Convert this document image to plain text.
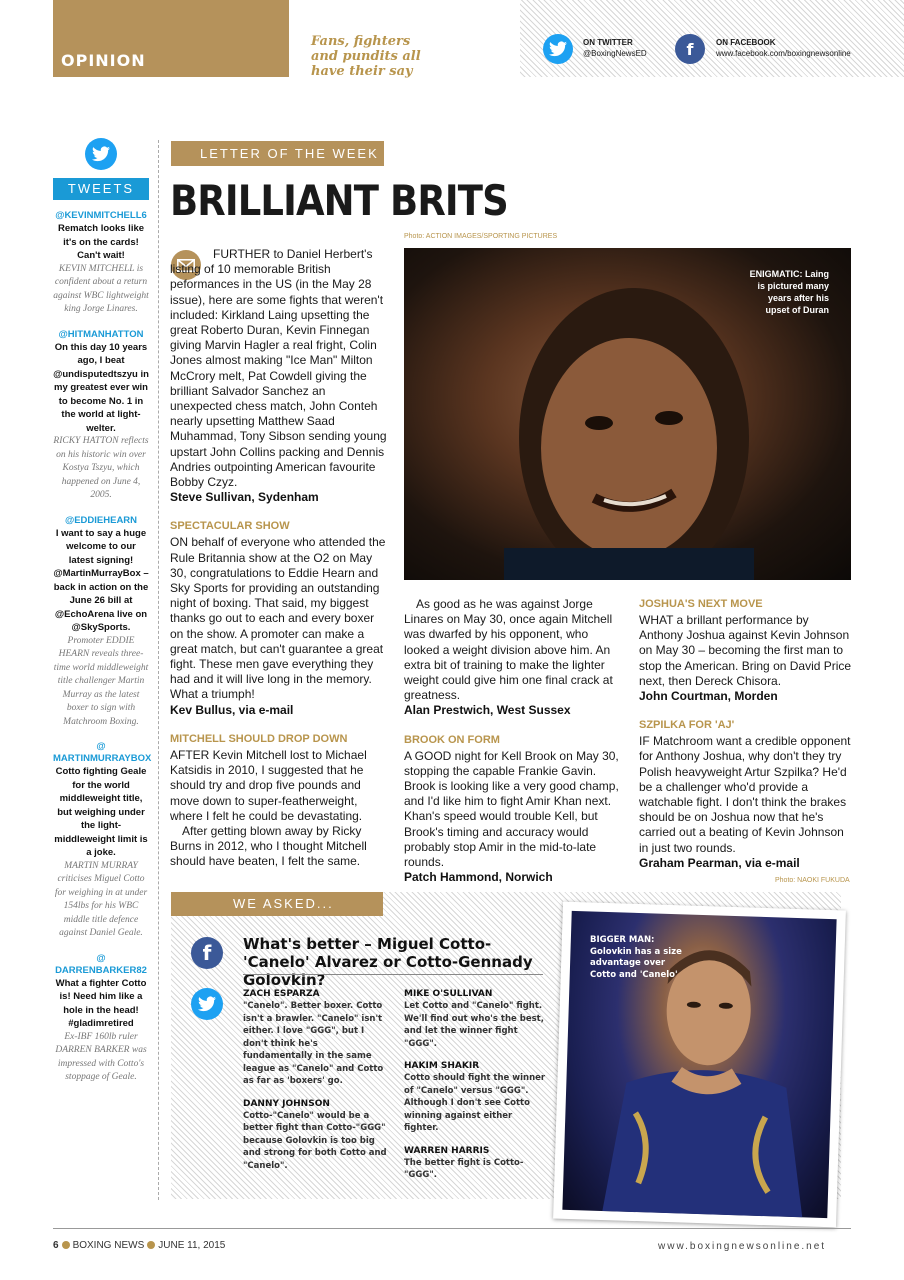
OPINION
Fans, fighters and pundits all have their say
ON TWITTER
@BoxingNewsED	f	ON FACEBOOK
www.facebook.com/boxingnewsonline
TWEETS
@KEVINMITCHELL6
Rematch looks like it's on the cards! Can't wait!
KEVIN MITCHELL is confident about a return against WBC lightweight king Jorge Linares.
@HITMANHATTON
On this day 10 years ago, I beat @undisputedtszyu in my greatest ever win to become No. 1 in the world at light-welter.
RICKY HATTON reflects on his historic win over Kostya Tszyu, which happened on June 4, 2005.
@EDDIEHEARN
I want to say a huge welcome to our latest signing! @MartinMurrayBox – back in action on the June 26 bill at @EchoArena live on @SkySports.
Promoter EDDIE HEARN reveals three-time world middleweight title challenger Martin Murray as the latest boxer to sign with Matchroom Boxing.
@ MARTINMURRAYBOX
Cotto fighting Geale for the world middleweight title, but weighing under the light-middleweight limit is a joke.
MARTIN MURRAY criticises Miguel Cotto for weighing in at under 154lbs for his WBC middle title defence against Daniel Geale.
@ DARRENBARKER82
What a fighter Cotto is! Need him like a hole in the head! #gladimretired
Ex-IBF 160lb ruler DARREN BARKER was impressed with Cotto's stoppage of Geale.
LETTER OF THE WEEK
BRILLIANT BRITS
FURTHER to Daniel Herbert's listing of 10 memorable British peformances in the US (in the May 28 issue), here are some fights that weren't included: Kirkland Laing upsetting the great Roberto Duran, Kevin Finnegan giving Marvin Hagler a real fright, Colin Jones almost making "Ice Man" Milton McCrory melt, Pat Cowdell giving the brilliant Salvador Sanchez an unexpected chess match, John Conteh nearly upsetting Matthew Saad Muhammad, Tony Sibson sending young upstart John Collins packing and Dennis Andries outpointing American favourite Bobby Czyz.
Steve Sullivan, Sydenham
SPECTACULAR SHOW
ON behalf of everyone who attended the Rule Britannia show at the O2 on May 30, congratulations to Eddie Hearn and Sky Sports for providing an outstanding night of boxing. That said, my biggest thanks go out to each and every boxer on the show. A promoter can make a great match, but can't guarantee a great fight. These men gave everything they had and it will live long in the memory. What a triumph!
Kev Bullus, via e-mail
MITCHELL SHOULD DROP DOWN
AFTER Kevin Mitchell lost to Michael Katsidis in 2010, I suggested that he should try and drop five pounds and move down to super-featherweight, where I felt he could be devastating.
After getting blown away by Ricky Burns in 2012, who I thought Mitchell should have beaten, I felt the same.
Photo: ACTION IMAGES/SPORTING PICTURES
ENIGMATIC: Laing is pictured many years after his upset of Duran
As good as he was against Jorge Linares on May 30, once again Mitchell was dwarfed by his opponent, who looked a weight division above him. An extra bit of training to make the lighter weight could give him one final crack at greatness.
Alan Prestwich, West Sussex
BROOK ON FORM
A GOOD night for Kell Brook on May 30, stopping the capable Frankie Gavin. Brook is looking like a very good champ, and I'd like him to fight Amir Khan next. Khan's speed would trouble Kell, but Brook's timing and accuracy would probably stop Amir in the mid-to-late rounds.
Patch Hammond, Norwich
JOSHUA'S NEXT MOVE
WHAT a brillant performance by Anthony Joshua against Kevin Johnson on May 30 – becoming the first man to stop the American. Bring on David Price next, then Dereck Chisora.
John Courtman, Morden
SZPILKA FOR 'AJ'
IF Matchroom want a credible opponent for Anthony Joshua, why don't they try Polish heavyweight Artur Szpilka? He'd be a challenger who'd provide a watchable fight. I don't think the brakes should be on Joshua now that he's carried out a beating of Kevin Johnson in just two rounds.
Graham Pearman, via e-mail
Photo: NAOKI FUKUDA
WE ASKED...
f	What's better – Miguel Cotto-'Canelo' Alvarez or Cotto-Gennady Golovkin?
ZACH ESPARZA
"Canelo". Better boxer. Cotto isn't a brawler. "Canelo" isn't either. I love "GGG", but I don't think he's fundamentally in the same league as "Canelo" and Cotto as far as 'boxers' go.
DANNY JOHNSON
Cotto-"Canelo" would be a better fight than Cotto-"GGG" because Golovkin is too big and strong for both Cotto and "Canelo".
MIKE O'SULLIVAN
Let Cotto and "Canelo" fight. We'll find out who's the best, and let the winner fight "GGG".
HAKIM SHAKIR
Cotto should fight the winner of "Canelo" versus "GGG". Although I don't see Cotto winning against either fighter.
WARREN HARRIS
The better fight is Cotto-"GGG".
BIGGER MAN: Golovkin has a size advantage over Cotto and 'Canelo'
6 BOXING NEWS JUNE 11, 2015	www.boxingnewsonline.net
